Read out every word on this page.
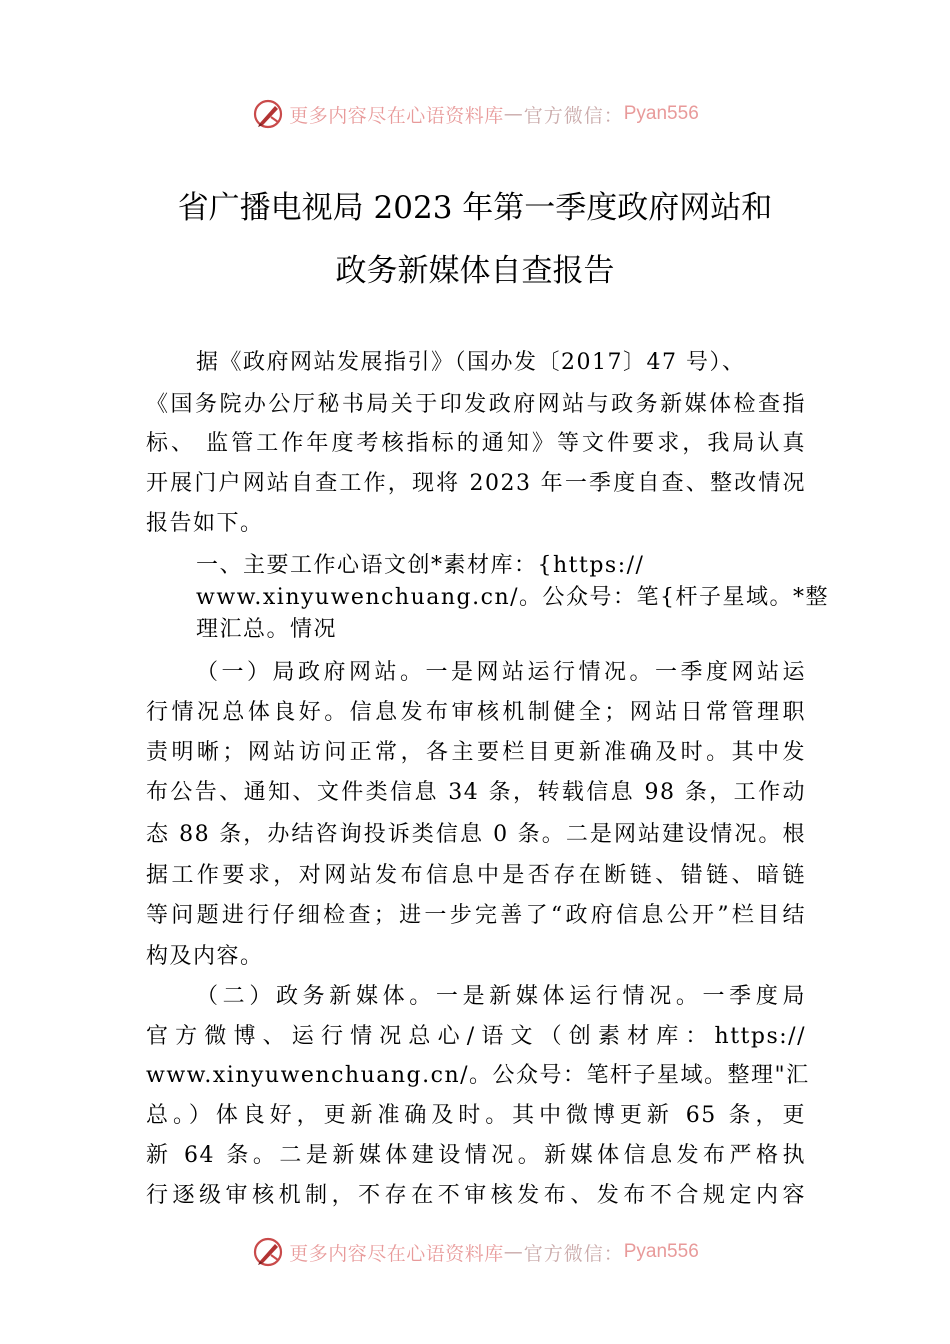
更多内容尽在心语资料库 — 官方微信： Pyan556
省广播电视局 2023 年第一季度政府网站和
政务新媒体自查报告
据《政府网站发展指引》（国办发〔2017〕47 号）、
《国务院办公厅秘书局关于印发政府网站与政务新媒体检查指
标、 监管工作年度考核指标的通知》等文件要求，我局认真
开展门户网站自查工作，现将 2023 年一季度自查、整改情况
报告如下。
一、主要工作心语文创*素材库：{https://
www.xinyuwenchuang.cn/。公众号：笔{杆子星域。*整
理汇总。情况
（一）局政府网站。一是网站运行情况。一季度网站运
行情况总体良好。信息发布审核机制健全；网站日常管理职
责明晰；网站访问正常，各主要栏目更新准确及时。其中发
布公告、通知、文件类信息 34 条，转载信息 98 条，工作动
态 88 条，办结咨询投诉类信息 0 条。二是网站建设情况。根
据工作要求，对网站发布信息中是否存在断链、错链、暗链
等问题进行仔细检查；进一步完善了“政府信息公开”栏目结
构及内容。
（二）政务新媒体。一是新媒体运行情况。一季度局
官方微博、运行情况总心/语文（创素材库：https://
www.xinyuwenchuang.cn/。公众号：笔杆子星域。整理"汇
总。）体良好，更新准确及时。其中微博更新 65 条，更
新 64 条。二是新媒体建设情况。新媒体信息发布严格执
行逐级审核机制，不存在不审核发布、发布不合规定内容
更多内容尽在心语资料库 — 官方微信： Pyan556
